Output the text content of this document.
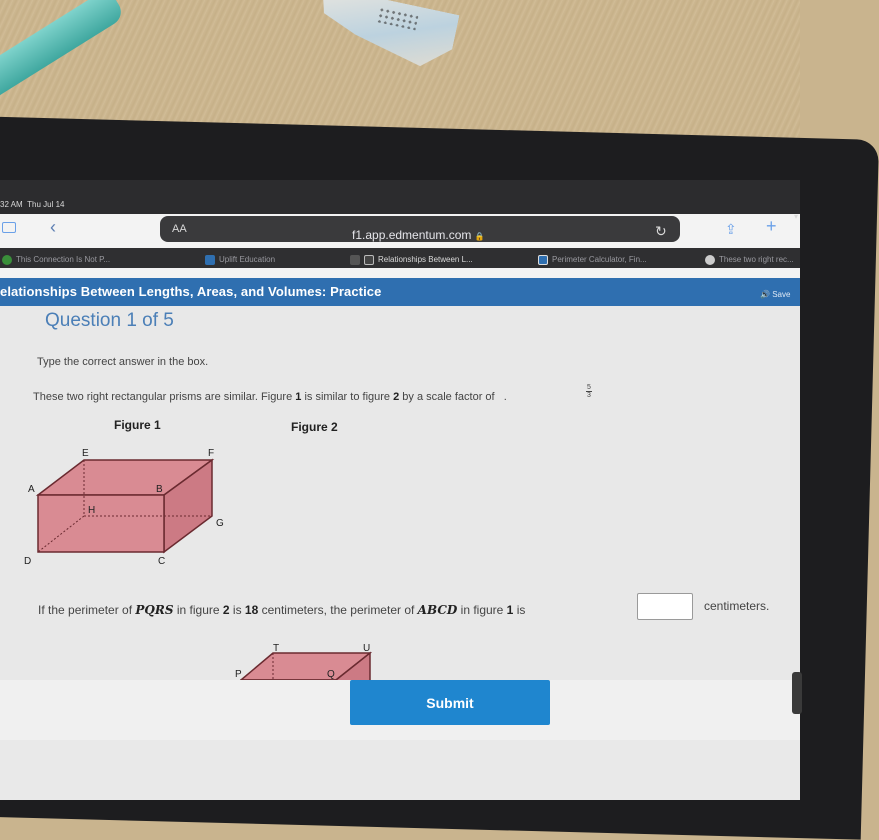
32 AM Thu Jul 14
▾
‹	AA	f1.app.edmentum.com 🔒	↻	⇪ +
This Connection Is Not P...	Uplift Education	Relationships Between L...	Perimeter Calculator, Fin...	These two right rec...
elationships Between Lengths, Areas, and Volumes: Practice	🔊 Save
Question 1 of 5
Type the correct answer in the box.
These two right rectangular prisms are similar. Figure 1 is similar to figure 2 by a scale factor of   .
5
3
Figure 1
E	F
A	B
H
G
D	C
Figure 2
T	U
P	Q
If the perimeter of PQRS in figure 2 is 18 centimeters, the perimeter of ABCD in figure 1 is	centimeters.
Submit
